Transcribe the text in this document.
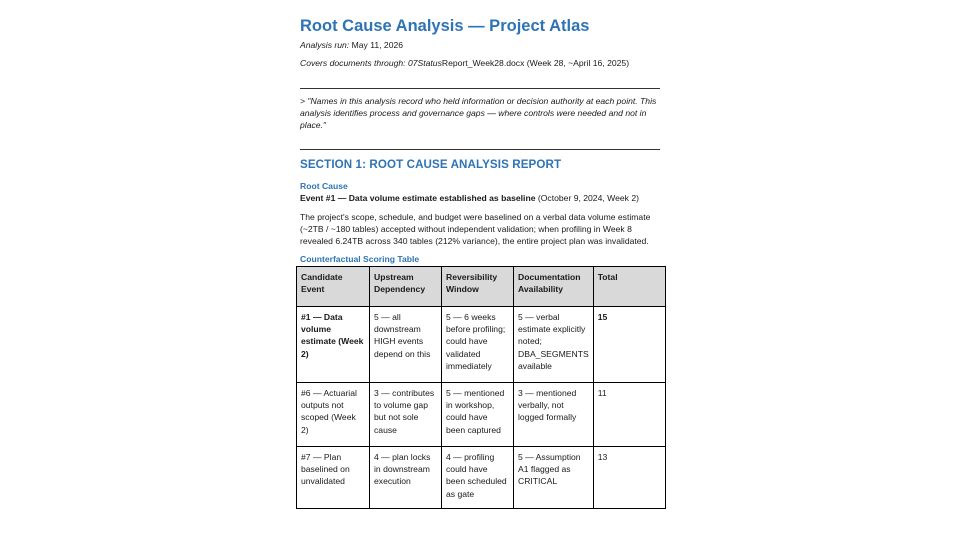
Root Cause Analysis — Project Atlas
Analysis run: May 11, 2026
Covers documents through: 07StatusReport_Week28.docx (Week 28, ~April 16, 2025)
> "Names in this analysis record who held information or decision authority at each point. This analysis identifies process and governance gaps — where controls were needed and not in place."
SECTION 1: ROOT CAUSE ANALYSIS REPORT
Root Cause
Event #1 — Data volume estimate established as baseline (October 9, 2024, Week 2)
The project's scope, schedule, and budget were baselined on a verbal data volume estimate (~2TB / ~180 tables) accepted without independent validation; when profiling in Week 8 revealed 6.24TB across 340 tables (212% variance), the entire project plan was invalidated.
Counterfactual Scoring Table
Candidate Event	Upstream Dependency	Reversibility Window	Documentation Availability	Total
#1 — Data volume estimate (Week 2)	5 — all downstream HIGH events depend on this	5 — 6 weeks before profiling; could have validated immediately	5 — verbal estimate explicitly noted; DBA_SEGMENTS available	15
#6 — Actuarial outputs not scoped (Week 2)	3 — contributes to volume gap but not sole cause	5 — mentioned in workshop, could have been captured	3 — mentioned verbally, not logged formally	11
#7 — Plan baselined on unvalidated	4 — plan locks in downstream execution	4 — profiling could have been scheduled as gate	5 — Assumption A1 flagged as CRITICAL	13
